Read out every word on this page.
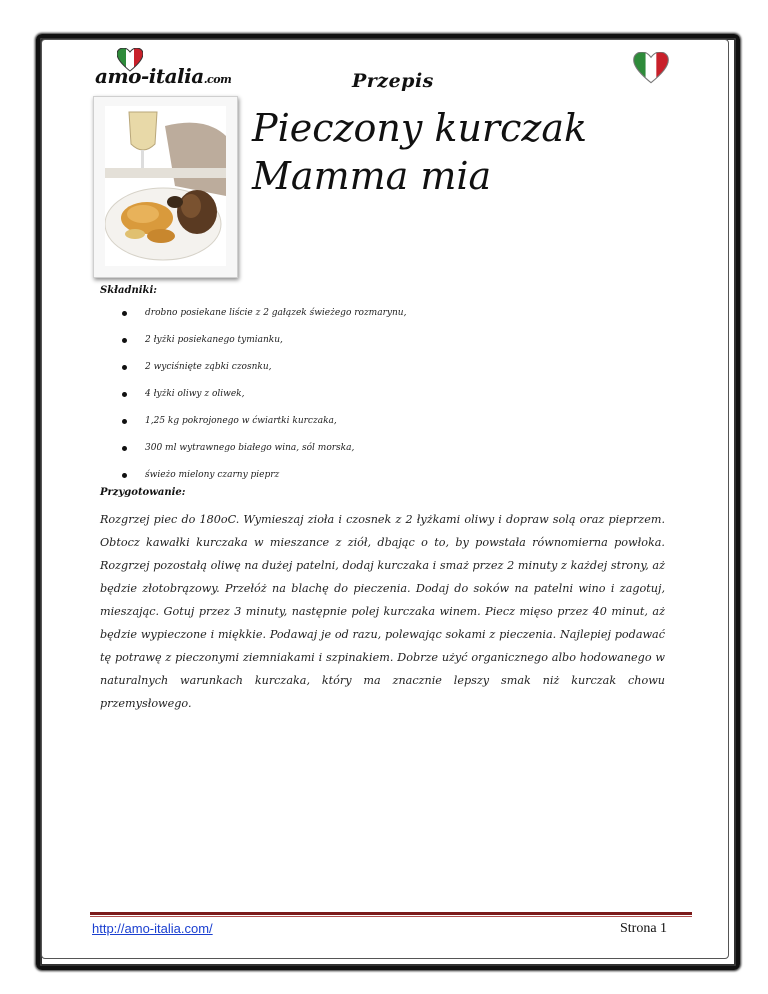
amo-italia.com	Przepis
Pieczony kurczak
Mamma mia
Składniki:
drobno posiekane liście z 2 gałązek świeżego rozmarynu,
2 łyżki posiekanego tymianku,
2 wyciśnięte ząbki czosnku,
4 łyżki oliwy z oliwek,
1,25 kg pokrojonego w ćwiartki kurczaka,
300 ml wytrawnego białego wina, sól morska,
świeżo mielony czarny pieprz
Przygotowanie:

Rozgrzej piec do 180oC. Wymieszaj zioła i czosnek z 2 łyżkami oliwy i dopraw solą oraz pieprzem. Obtocz kawałki kurczaka w mieszance z ziół, dbając o to, by powstała równomierna powłoka. Rozgrzej pozostałą oliwę na dużej patelni, dodaj kurczaka i smaż przez 2 minuty z każdej strony, aż będzie złotobrązowy. Przełóż na blachę do pieczenia. Dodaj do soków na patelni wino i zagotuj, mieszając. Gotuj przez 3 minuty, następnie polej kurczaka winem. Piecz mięso przez 40 minut, aż będzie wypieczone i miękkie. Podawaj je od razu, polewając sokami z pieczenia. Najlepiej podawać tę potrawę z pieczonymi ziemniakami i szpinakiem. Dobrze użyć organicznego albo hodowanego w naturalnych warunkach kurczaka, który ma znacznie lepszy smak niż kurczak chowu przemysłowego.

http://amo-italia.com/	Strona 1
